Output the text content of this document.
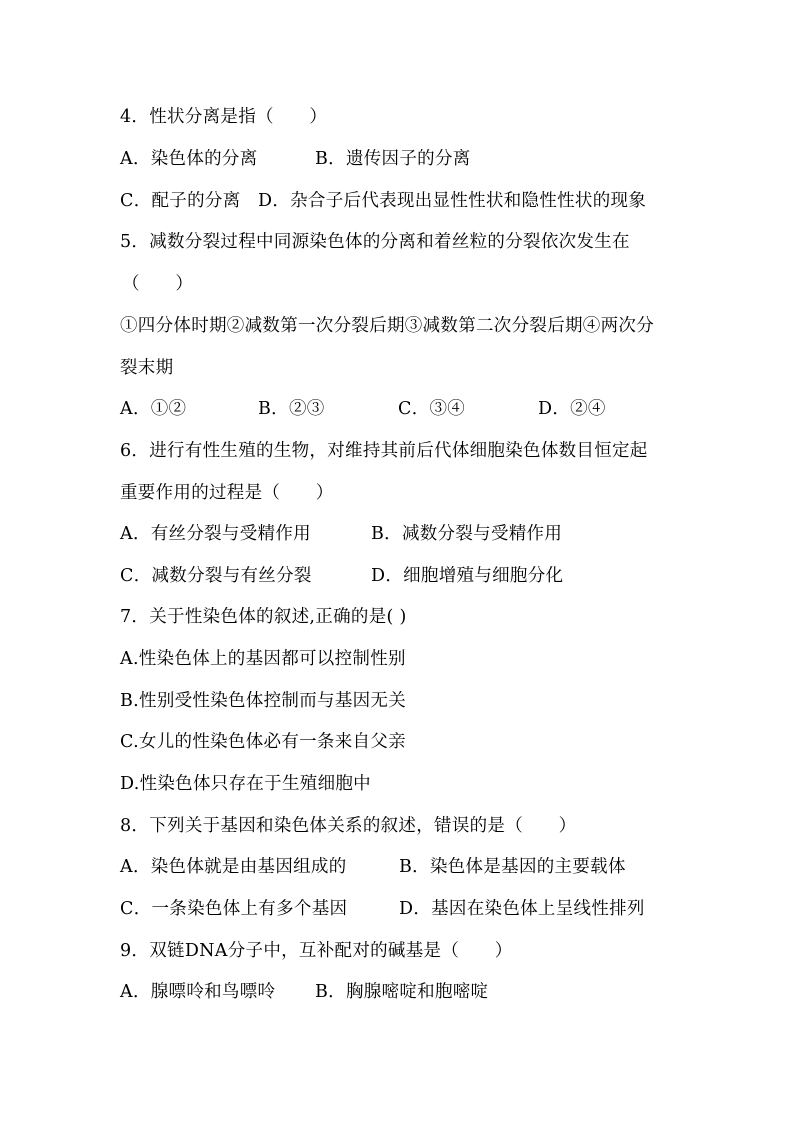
4．性状分离是指（　　）
A．染色体的分离	B．遗传因子的分离
C．配子的分离 D．杂合子后代表现出显性性状和隐性性状的现象
5．减数分裂过程中同源染色体的分离和着丝粒的分裂依次发生在
（　　）
①四分体时期②减数第一次分裂后期③减数第二次分裂后期④两次分
裂末期
A．①②	B．②③	C．③④	D．②④
6．进行有性生殖的生物，对维持其前后代体细胞染色体数目恒定起
重要作用的过程是（　　）
A．有丝分裂与受精作用	B．减数分裂与受精作用
C．减数分裂与有丝分裂	D．细胞增殖与细胞分化
7．关于性染色体的叙述,正确的是( )
A.性染色体上的基因都可以控制性别
B.性别受性染色体控制而与基因无关
C.女儿的性染色体必有一条来自父亲
D.性染色体只存在于生殖细胞中
8．下列关于基因和染色体关系的叙述，错误的是（　　）
A．染色体就是由基因组成的	B．染色体是基因的主要载体
C．一条染色体上有多个基因	D．基因在染色体上呈线性排列
9．双链DNA分子中，互补配对的碱基是（　　）
A．腺嘌呤和鸟嘌呤 B．胸腺嘧啶和胞嘧啶
